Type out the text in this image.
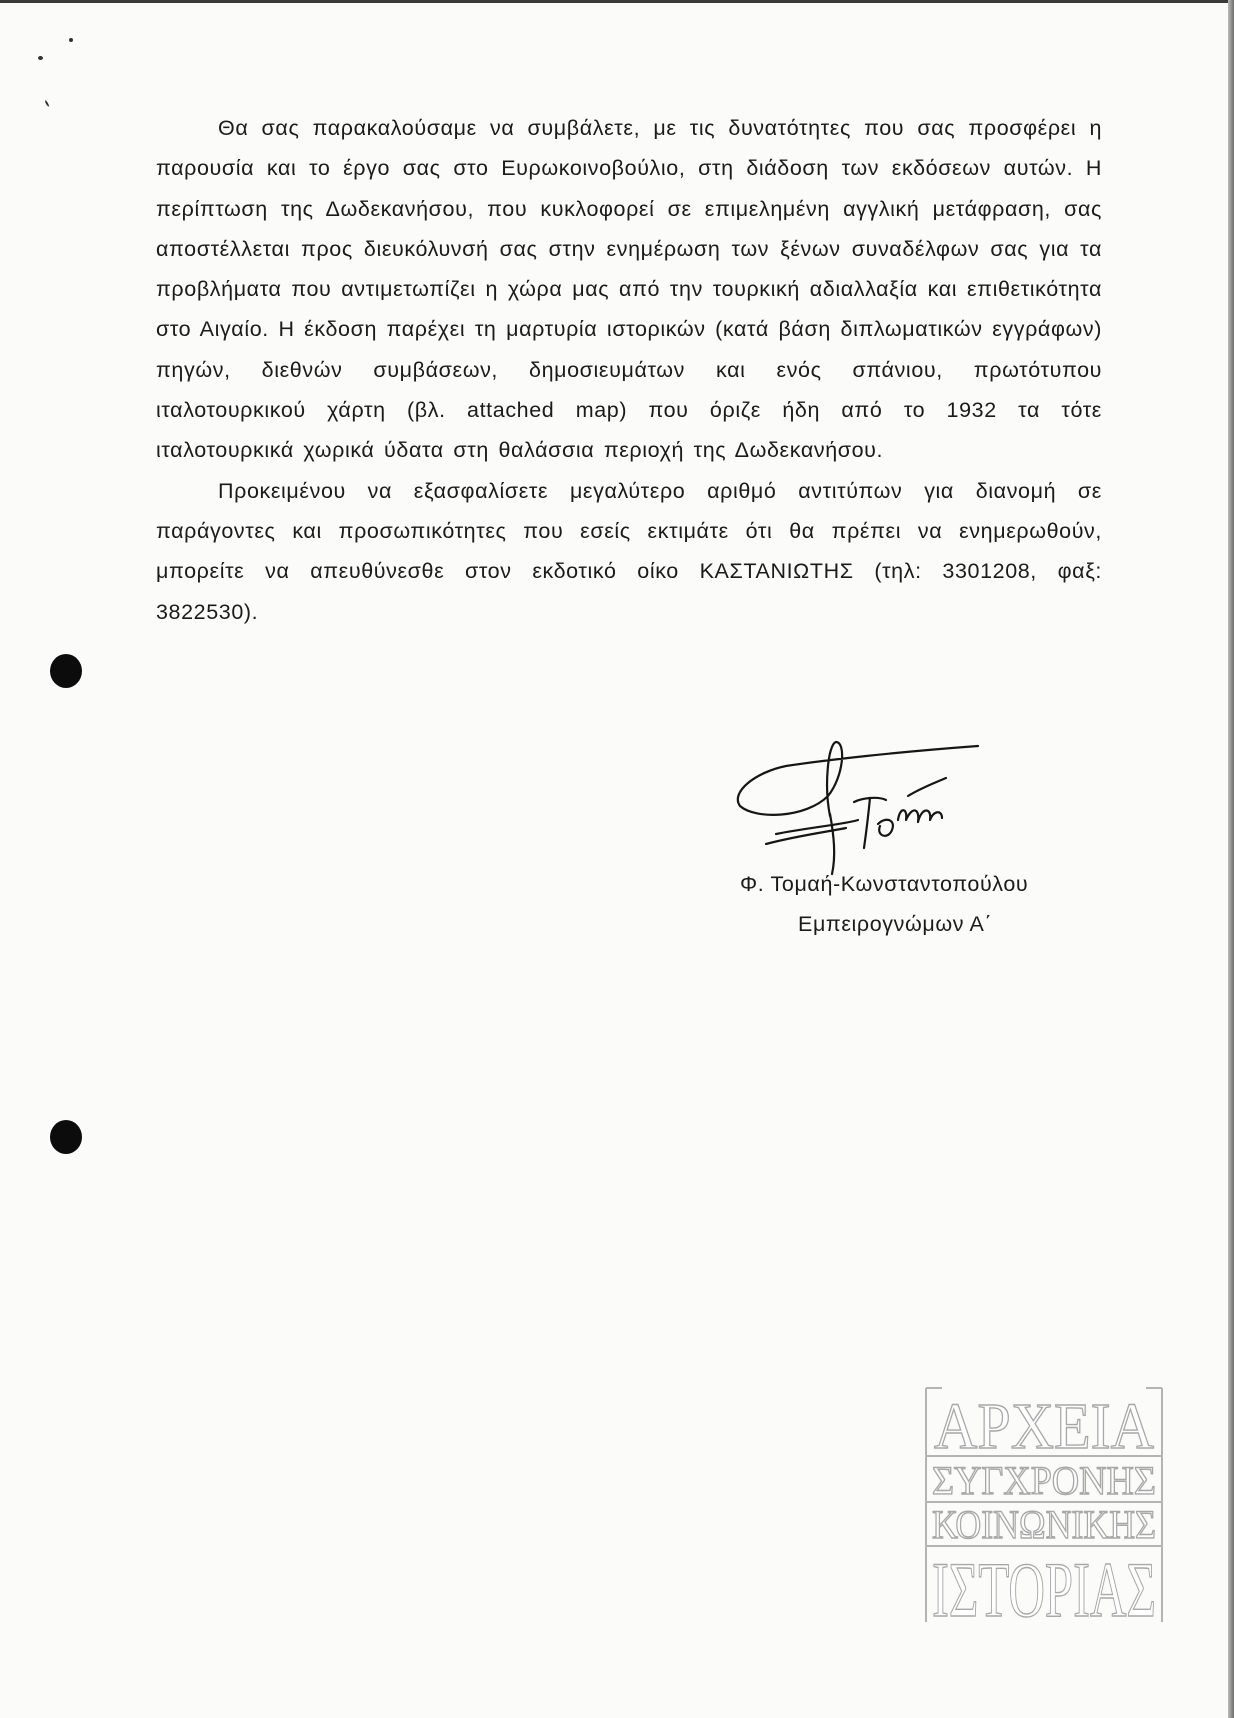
Θα σας παρακαλούσαμε να συμβάλετε, με τις δυνατότητες που σας προσφέρει η παρουσία και το έργο σας στο Ευρωκοινοβούλιο, στη διάδοση των εκδόσεων αυτών. Η περίπτωση της Δωδεκανήσου, που κυκλοφορεί σε επιμελημένη αγγλική μετάφραση, σας αποστέλλεται προς διευκόλυνσή σας στην ενημέρωση των ξένων συναδέλφων σας για τα προβλήματα που αντιμετωπίζει η χώρα μας από την τουρκική αδιαλλαξία και επιθετικότητα στο Αιγαίο. Η έκδοση παρέχει τη μαρτυρία ιστορικών (κατά βάση διπλωματικών εγγράφων) πηγών, διεθνών συμβάσεων, δημοσιευμάτων και ενός σπάνιου, πρωτότυπου ιταλοτουρκικού χάρτη (βλ. attached map) που όριζε ήδη από το 1932 τα τότε ιταλοτουρκικά χωρικά ύδατα στη θαλάσσια περιοχή της Δωδεκανήσου.

Προκειμένου να εξασφαλίσετε μεγαλύτερο αριθμό αντιτύπων για διανομή σε παράγοντες και προσωπικότητες που εσείς εκτιμάτε ότι θα πρέπει να ενημερωθούν, μπορείτε να απευθύνεσθε στον εκδοτικό οίκο ΚΑΣΤΑΝΙΩΤΗΣ (τηλ: 3301208, φαξ: 3822530).

Τομαή
Φ. Τομαή-Κωνσταντοπούλου
Εμπειρογνώμων Α΄
ΑΡΧΕΙΑ
ΣΥΓΧΡΟΝΗΣ
ΚΟΙΝΩΝΙΚΗΣ
ΙΣΤΟΡΙΑΣ
